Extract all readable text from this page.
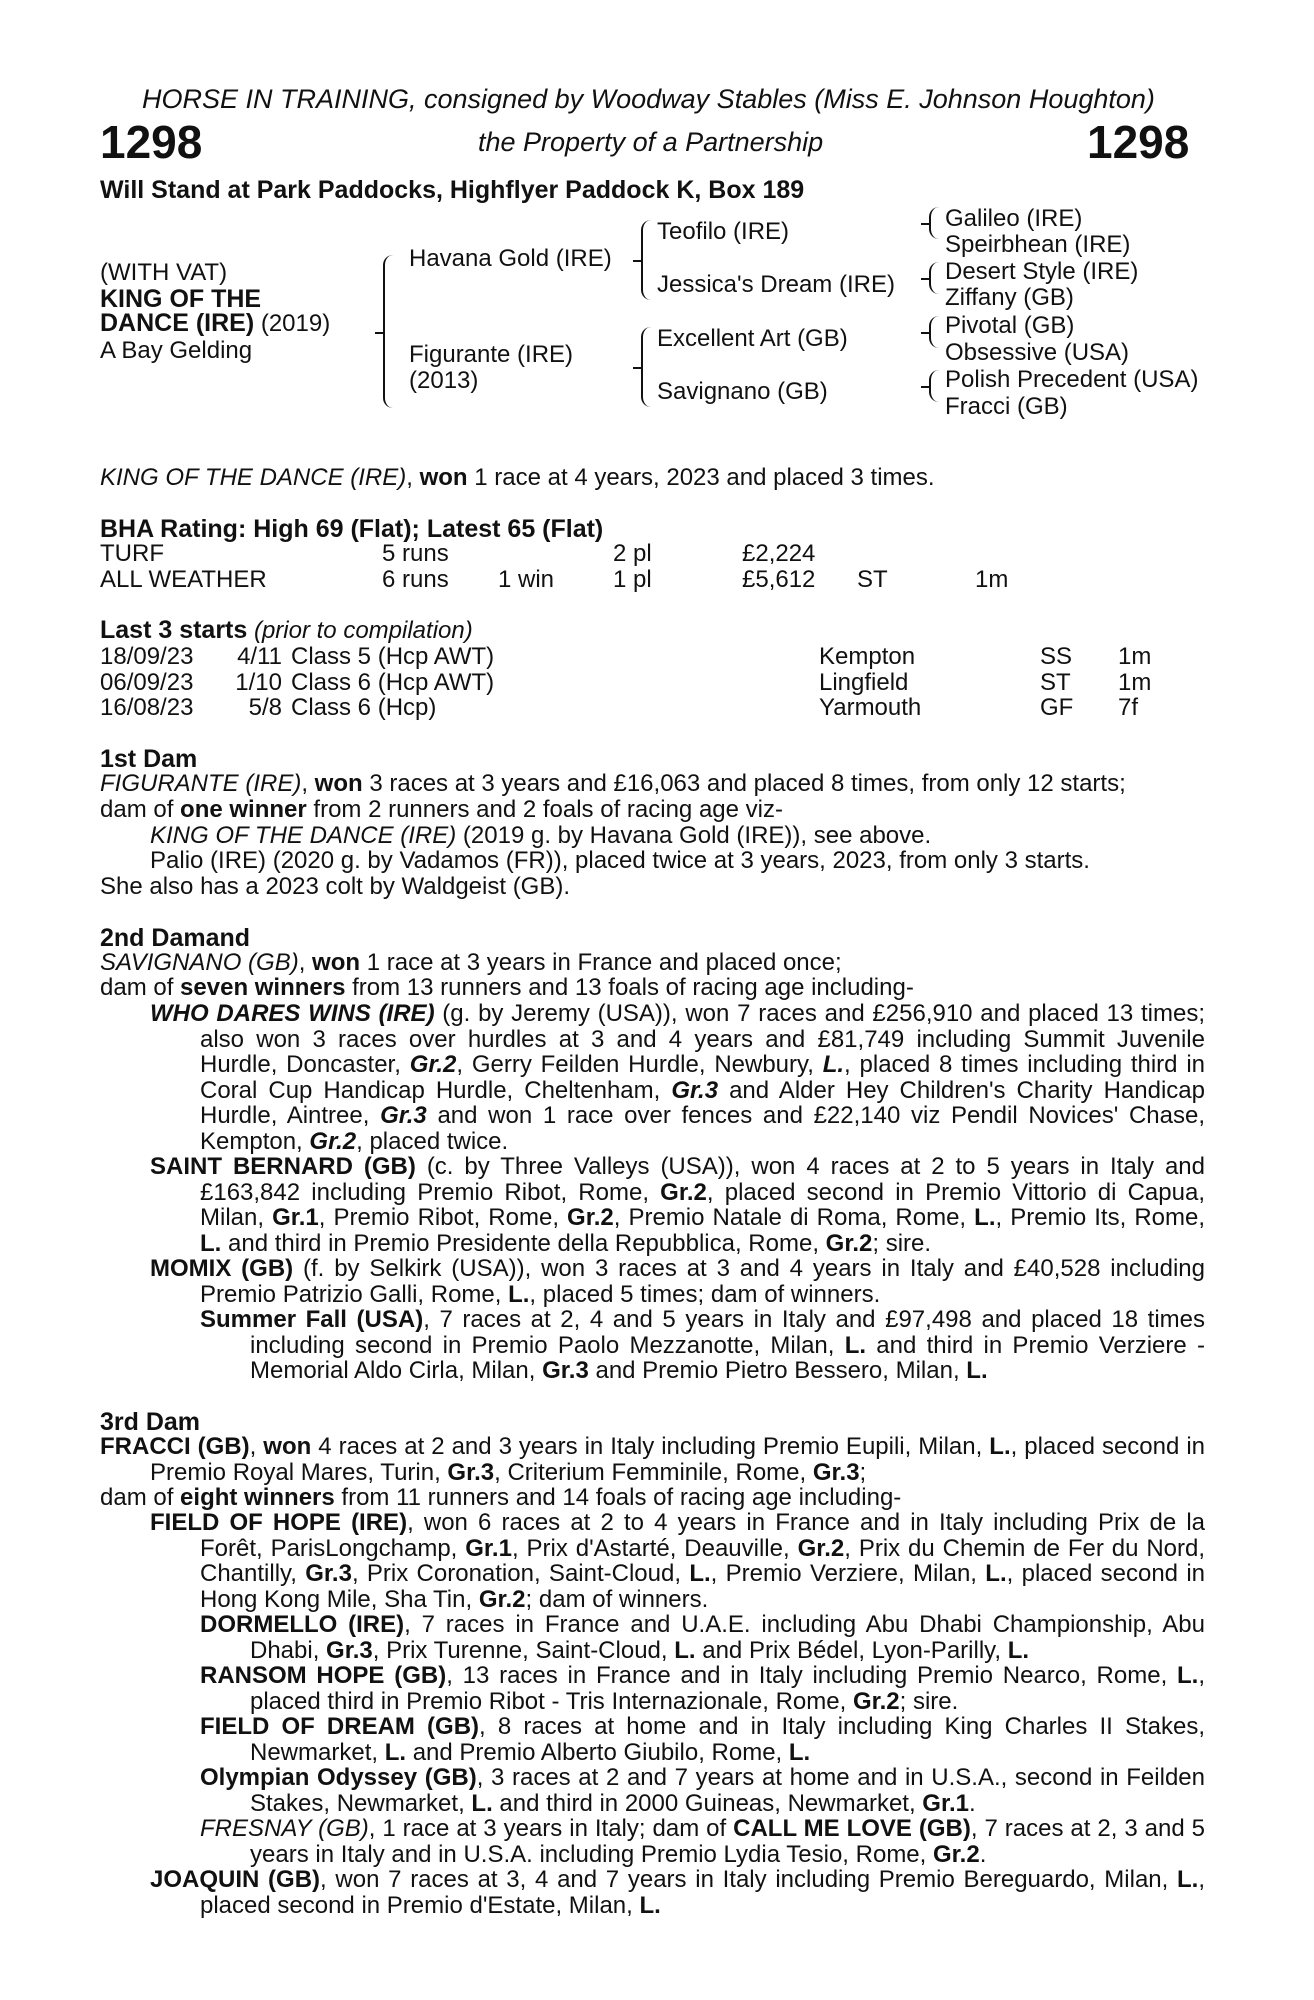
HORSE IN TRAINING, consigned by Woodway Stables (Miss E. Johnson Houghton)
1298	the Property of a Partnership	1298
Will Stand at Park Paddocks, Highflyer Paddock K, Box 189
(WITH VAT)
KING OF THE
DANCE (IRE) (2019)
A Bay Gelding
Havana Gold (IRE)
Figurante (IRE)
(2013)
Teofilo (IRE)
Jessica's Dream (IRE)
Excellent Art (GB)
Savignano (GB)
Galileo (IRE)
Speirbhean (IRE)
Desert Style (IRE)
Ziffany (GB)
Pivotal (GB)
Obsessive (USA)
Polish Precedent (USA)
Fracci (GB)
KING OF THE DANCE (IRE), won 1 race at 4 years, 2023 and placed 3 times.
BHA Rating: High 69 (Flat); Latest 65 (Flat)
TURF	5 runs	2 pl	£2,224
ALL WEATHER	6 runs 1 win 1 pl	£5,612 ST	1m
Last 3 starts (prior to compilation)
18/09/23	4/11 Class 5 (Hcp AWT)	Kempton	SS 1m
06/09/23	1/10 Class 6 (Hcp AWT)	Lingfield	ST 1m
16/08/23	5/8 Class 6 (Hcp)	Yarmouth	GF 7f
1st Dam
FIGURANTE (IRE), won 3 races at 3 years and £16,063 and placed 8 times, from only 12 starts;
dam of one winner from 2 runners and 2 foals of racing age viz-
KING OF THE DANCE (IRE) (2019 g. by Havana Gold (IRE)), see above.
Palio (IRE) (2020 g. by Vadamos (FR)), placed twice at 3 years, 2023, from only 3 starts.
She also has a 2023 colt by Waldgeist (GB).
2nd Damand
SAVIGNANO (GB), won 1 race at 3 years in France and placed once;
dam of seven winners from 13 runners and 13 foals of racing age including-
WHO DARES WINS (IRE) (g. by Jeremy (USA)), won 7 races and £256,910 and placed 13 times; also won 3 races over hurdles at 3 and 4 years and £81,749 including Summit Juvenile Hurdle, Doncaster, Gr.2, Gerry Feilden Hurdle, Newbury, L., placed 8 times including third in Coral Cup Handicap Hurdle, Cheltenham, Gr.3 and Alder Hey Children's Charity Handicap Hurdle, Aintree, Gr.3 and won 1 race over fences and £22,140 viz Pendil Novices' Chase, Kempton, Gr.2, placed twice.
SAINT BERNARD (GB) (c. by Three Valleys (USA)), won 4 races at 2 to 5 years in Italy and £163,842 including Premio Ribot, Rome, Gr.2, placed second in Premio Vittorio di Capua, Milan, Gr.1, Premio Ribot, Rome, Gr.2, Premio Natale di Roma, Rome, L., Premio Its, Rome, L. and third in Premio Presidente della Repubblica, Rome, Gr.2; sire.
MOMIX (GB) (f. by Selkirk (USA)), won 3 races at 3 and 4 years in Italy and £40,528 including Premio Patrizio Galli, Rome, L., placed 5 times; dam of winners.
Summer Fall (USA), 7 races at 2, 4 and 5 years in Italy and £97,498 and placed 18 times including second in Premio Paolo Mezzanotte, Milan, L. and third in Premio Verziere - Memorial Aldo Cirla, Milan, Gr.3 and Premio Pietro Bessero, Milan, L.
3rd Dam
FRACCI (GB), won 4 races at 2 and 3 years in Italy including Premio Eupili, Milan, L., placed second in Premio Royal Mares, Turin, Gr.3, Criterium Femminile, Rome, Gr.3;
dam of eight winners from 11 runners and 14 foals of racing age including-
FIELD OF HOPE (IRE), won 6 races at 2 to 4 years in France and in Italy including Prix de la Forêt, ParisLongchamp, Gr.1, Prix d'Astarté, Deauville, Gr.2, Prix du Chemin de Fer du Nord, Chantilly, Gr.3, Prix Coronation, Saint-Cloud, L., Premio Verziere, Milan, L., placed second in Hong Kong Mile, Sha Tin, Gr.2; dam of winners.
DORMELLO (IRE), 7 races in France and U.A.E. including Abu Dhabi Championship, Abu Dhabi, Gr.3, Prix Turenne, Saint-Cloud, L. and Prix Bédel, Lyon-Parilly, L.
RANSOM HOPE (GB), 13 races in France and in Italy including Premio Nearco, Rome, L., placed third in Premio Ribot - Tris Internazionale, Rome, Gr.2; sire.
FIELD OF DREAM (GB), 8 races at home and in Italy including King Charles II Stakes, Newmarket, L. and Premio Alberto Giubilo, Rome, L.
Olympian Odyssey (GB), 3 races at 2 and 7 years at home and in U.S.A., second in Feilden Stakes, Newmarket, L. and third in 2000 Guineas, Newmarket, Gr.1.
FRESNAY (GB), 1 race at 3 years in Italy; dam of CALL ME LOVE (GB), 7 races at 2, 3 and 5 years in Italy and in U.S.A. including Premio Lydia Tesio, Rome, Gr.2.
JOAQUIN (GB), won 7 races at 3, 4 and 7 years in Italy including Premio Bereguardo, Milan, L., placed second in Premio d'Estate, Milan, L.
